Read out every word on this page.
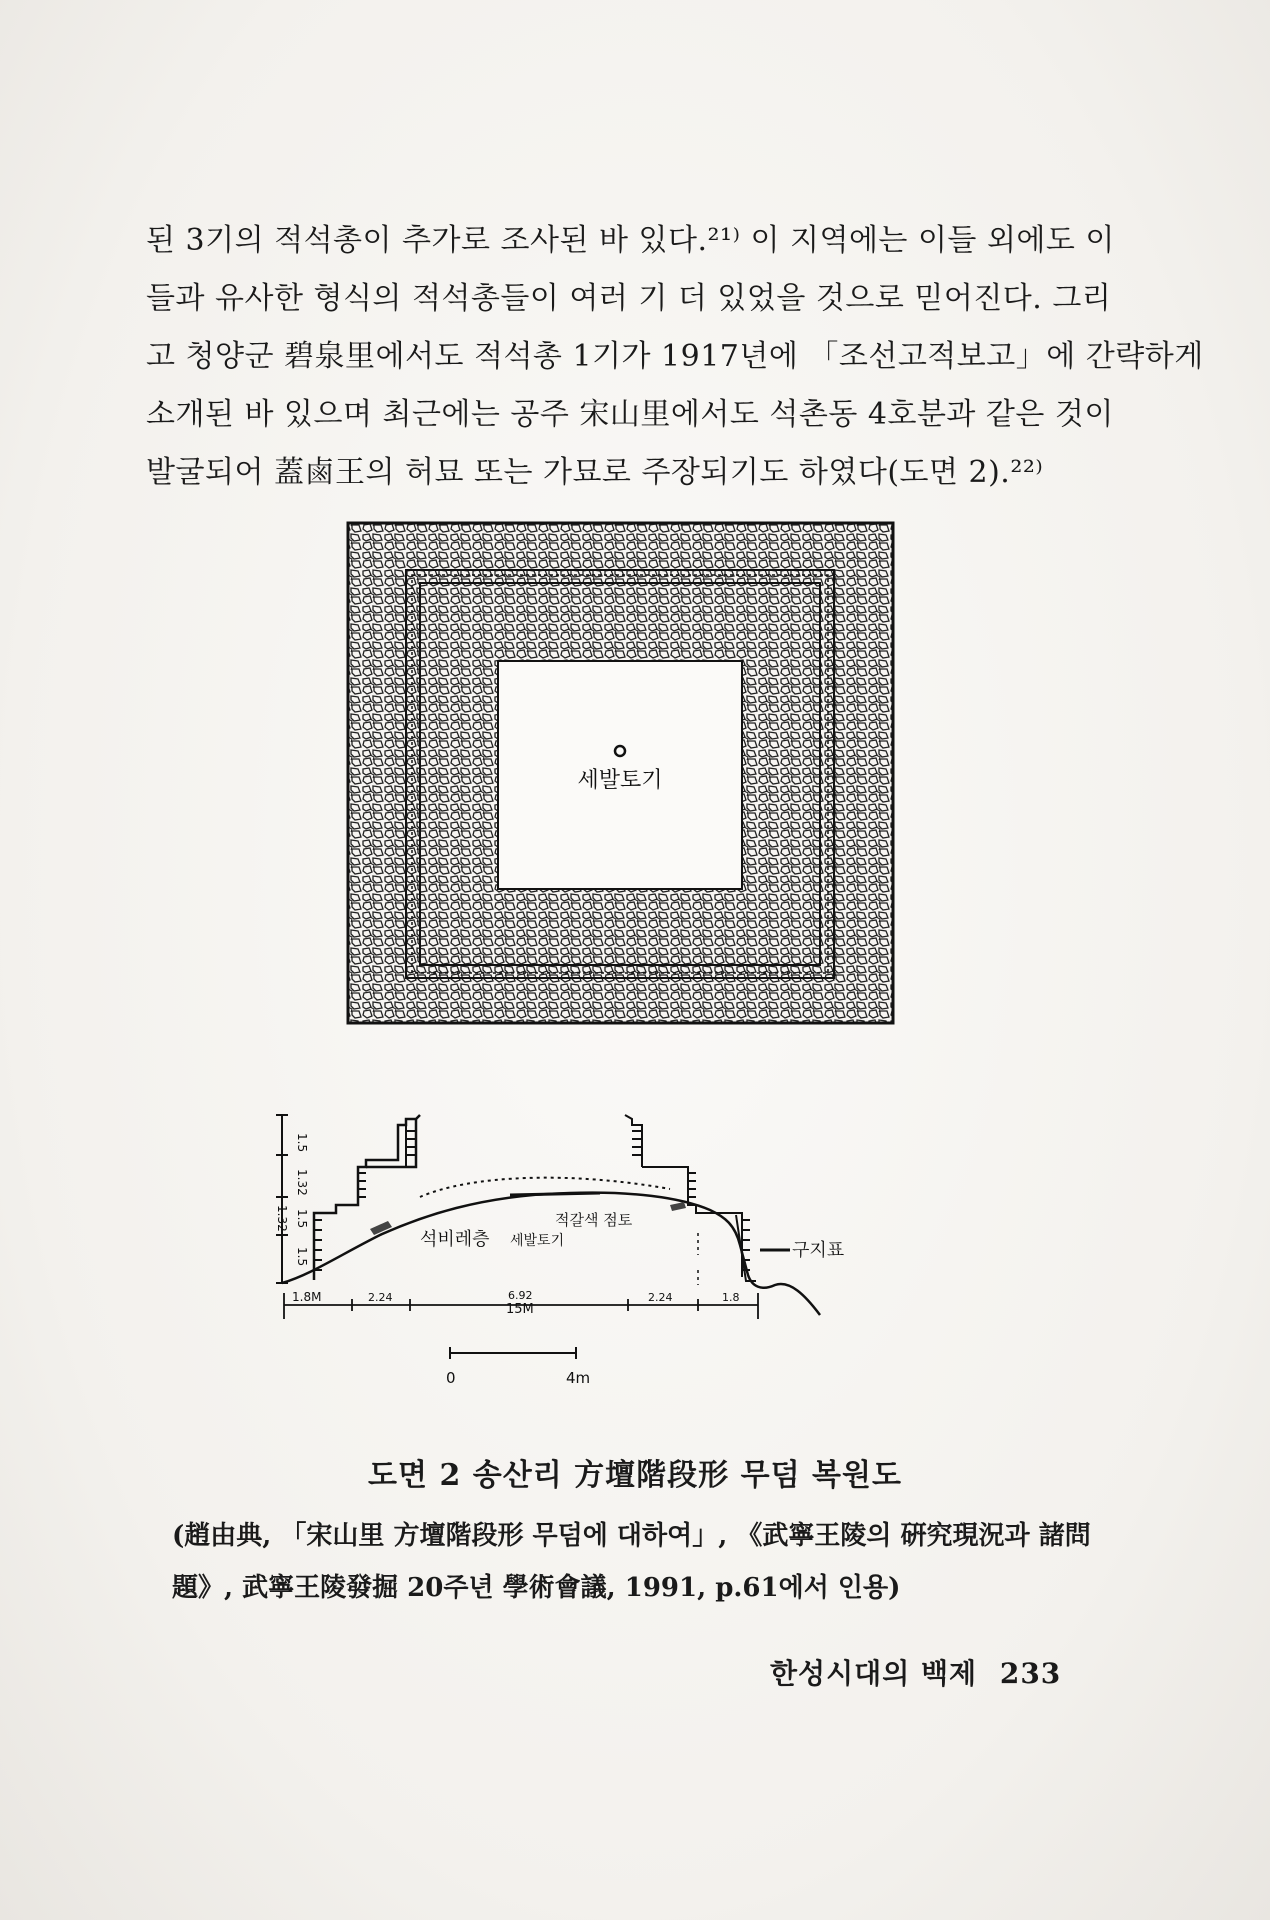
된 3기의 적석총이 추가로 조사된 바 있다.²¹⁾ 이 지역에는 이들 외에도 이
들과 유사한 형식의 적석총들이 여러 기 더 있었을 것으로 믿어진다. 그리
고 청양군 碧泉里에서도 적석총 1기가 1917년에 「조선고적보고」에 간략하게
소개된 바 있으며 최근에는 공주 宋山里에서도 석촌동 4호분과 같은 것이
발굴되어 蓋鹵王의 허묘 또는 가묘로 주장되기도 하였다(도면 2).²²⁾
세발토기
1.5
1.32
1.5
1.32
1.5
석비레층 세발토기
적갈색 점토
구지표
1.8M	2.24	6.92
15M
2.24	1.8
0	4m
도면 2 송산리 方壇階段形 무덤 복원도
(趙由典, 「宋山里 方壇階段形 무덤에 대하여」, 《武寧王陵의 硏究現況과 諸問
題》, 武寧王陵發掘 20주년 學術會議, 1991, p.61에서 인용)
한성시대의 백제 233
